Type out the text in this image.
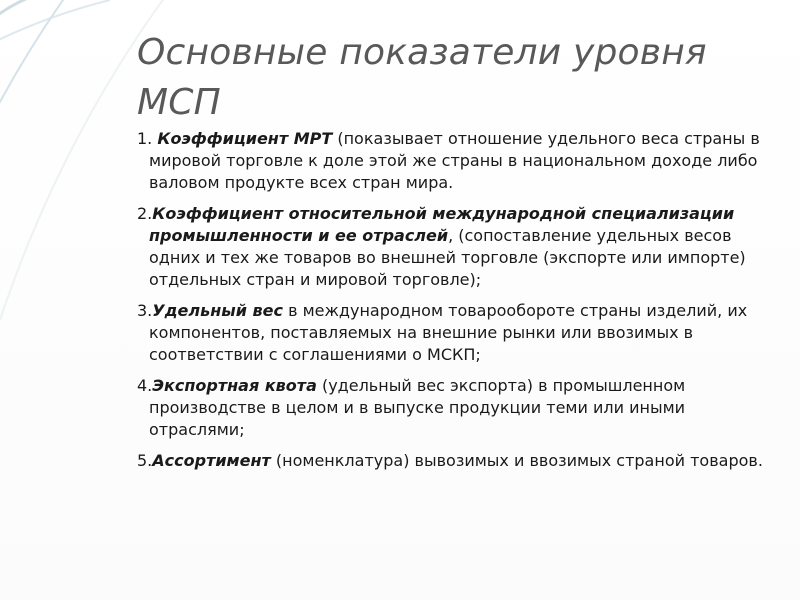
Основные показатели уровня МСП
1. Коэффициент МРТ (показывает отношение удельного веса страны в мировой торговле к доле этой же страны в национальном доходе либо валовом продукте всех стран мира.
2.Коэффициент относительной международной специализации промышленности и ее отраслей, (сопоставление удельных весов одних и тех же товаров во внешней торговле (экспорте или импорте) отдельных стран и мировой торговле);
3.Удельный вес в международном товарообороте страны изделий, их компонентов, поставляемых на внешние рынки или ввозимых в соответствии с соглашениями о МСКП;
4.Экспортная квота (удельный вес экспорта) в промышленном производстве в целом и в выпуске продукции теми или иными отраслями;
5.Ассортимент (номенклатура) вывозимых и ввозимых страной товаров.
